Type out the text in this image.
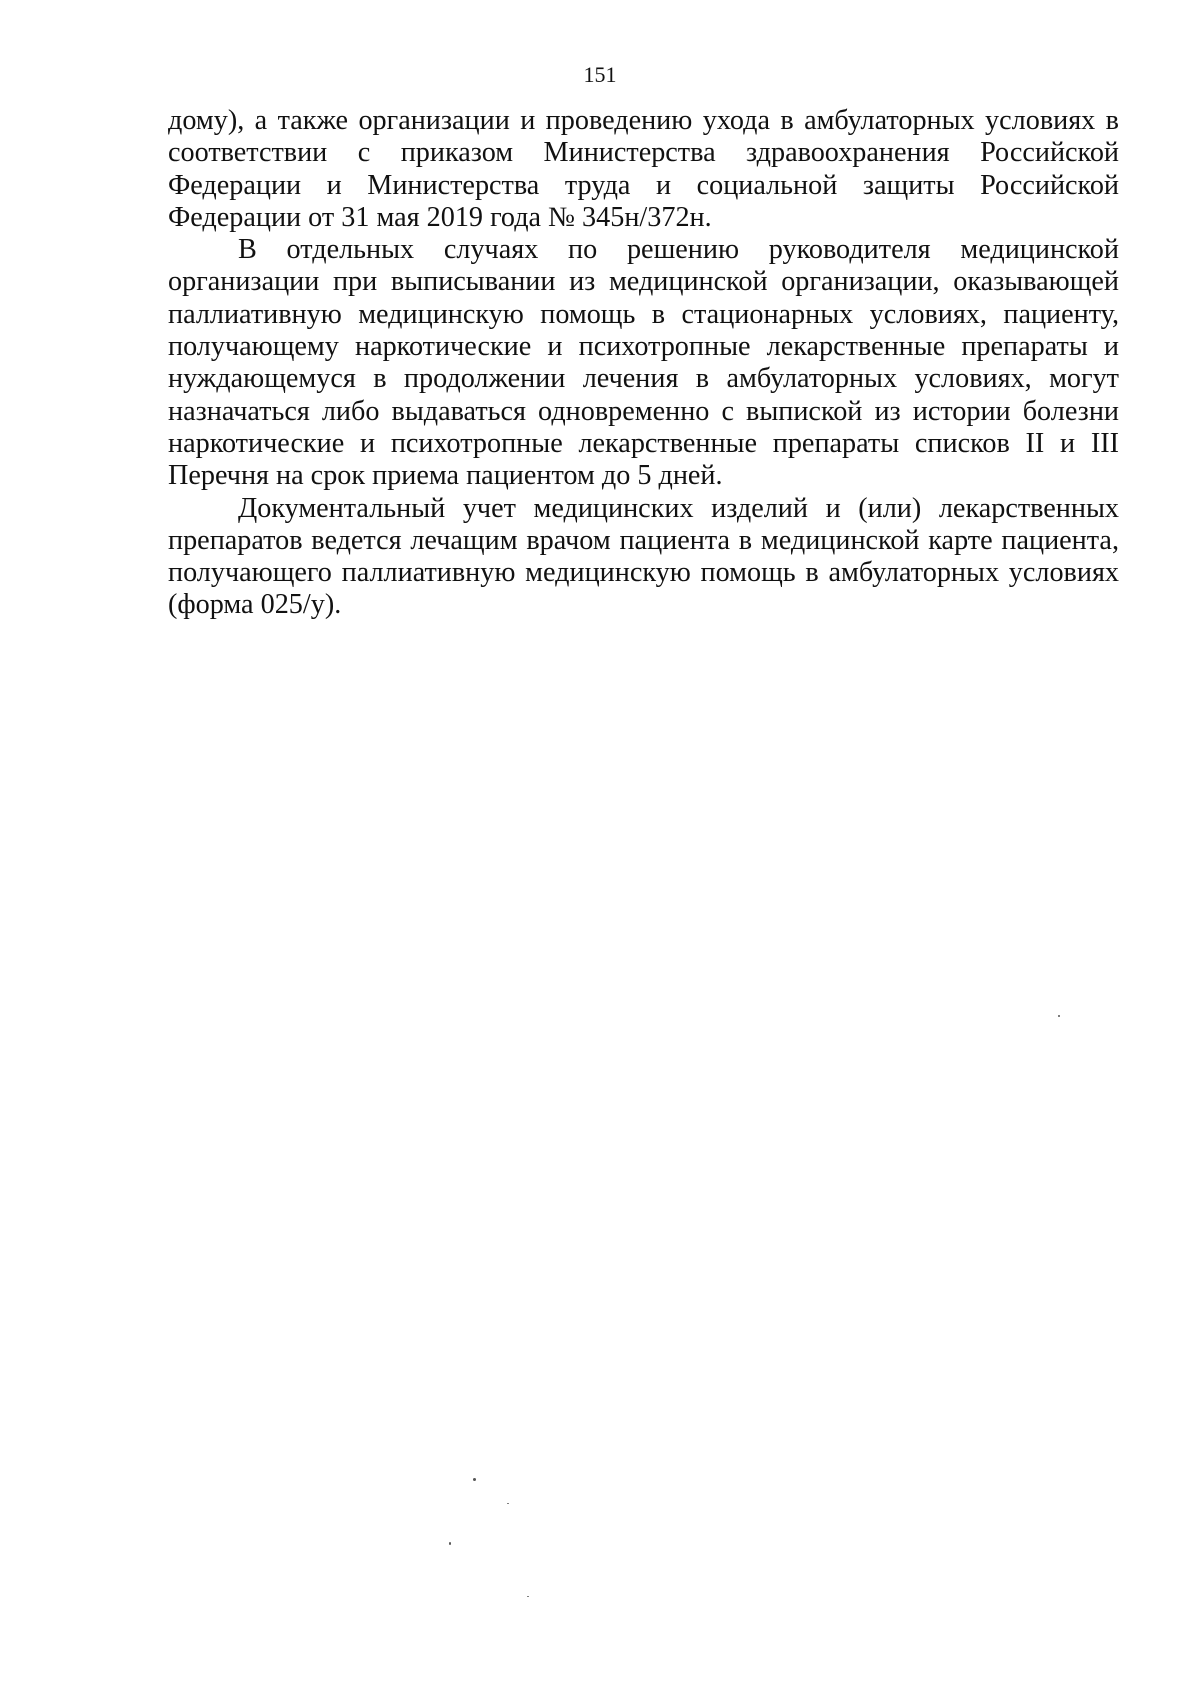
151
дому), а также организации и проведению ухода в амбулаторных условиях в
соответствии с приказом Министерства здравоохранения Российской
Федерации и Министерства труда и социальной защиты Российской
Федерации от 31 мая 2019 года № 345н/372н.
В отдельных случаях по решению руководителя медицинской
организации при выписывании из медицинской организации, оказывающей
паллиативную медицинскую помощь в стационарных условиях, пациенту,
получающему наркотические и психотропные лекарственные препараты и
нуждающемуся в продолжении лечения в амбулаторных условиях, могут
назначаться либо выдаваться одновременно с выпиской из истории болезни
наркотические и психотропные лекарственные препараты списков II и III
Перечня на срок приема пациентом до 5 дней.
Документальный учет медицинских изделий и (или) лекарственных
препаратов ведется лечащим врачом пациента в медицинской карте пациента,
получающего паллиативную медицинскую помощь в амбулаторных условиях
(форма 025/у).
